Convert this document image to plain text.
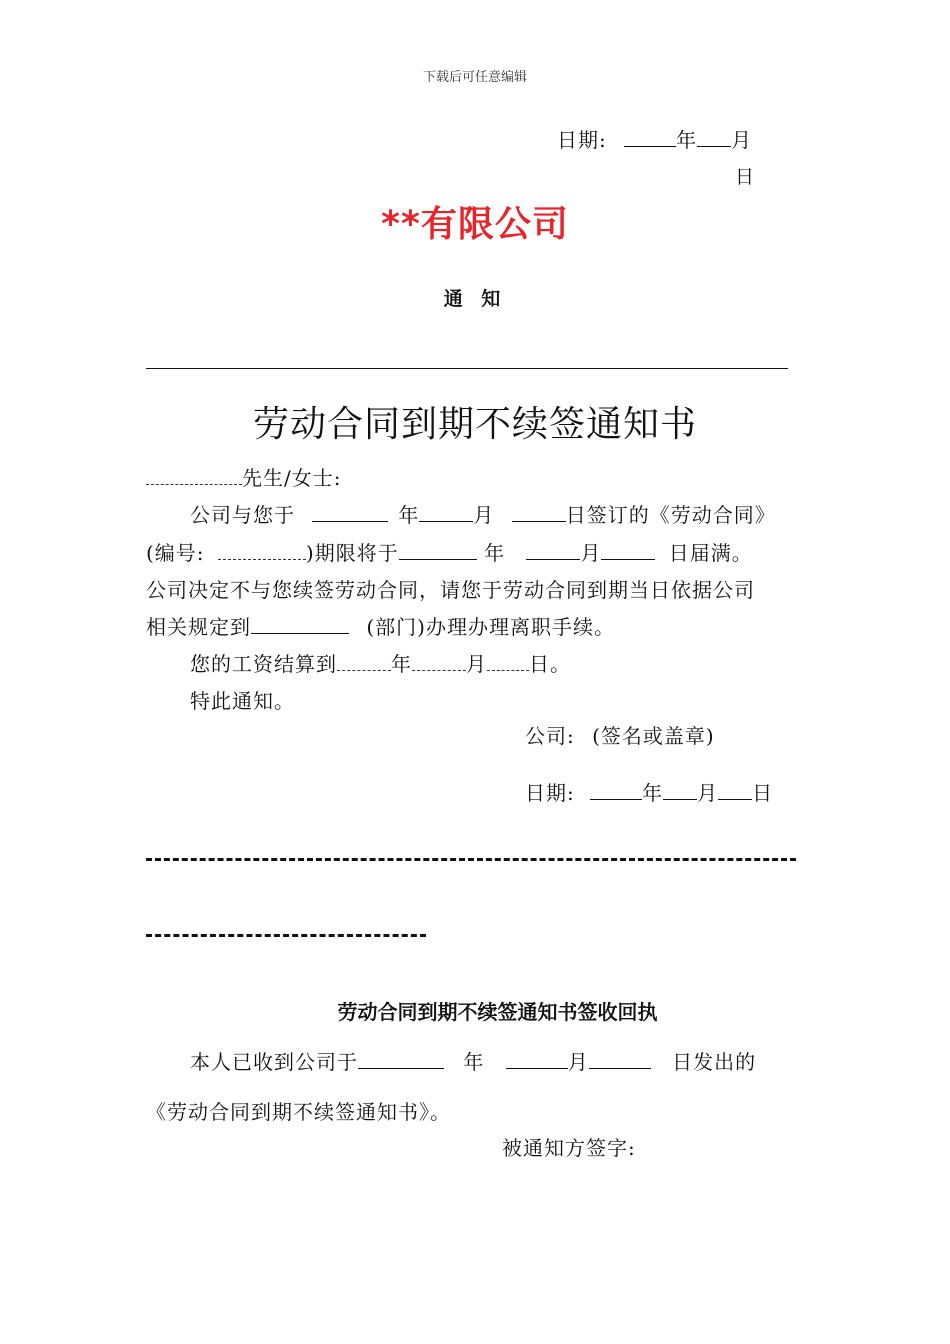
下载后可任意编辑
日期:	年 月
日
**有限公司
通 知
劳动合同到期不续签通知书
先生/女士:
公司与您于	年	月	日签订的《劳动合同》
(编号:	)期限将于	年	月	日届满。
公司决定不与您续签劳动合同，请您于劳动合同到期当日依据公司
相关规定到	(部门)办理办理离职手续。
您的工资结算到	年	月 日。
特此通知。
公司: (签名或盖章)
日期:	年 月 日
劳动合同到期不续签通知书签收回执
本人已收到公司于	年	月	日发出的
《劳动合同到期不续签通知书》。
被通知方签字:
